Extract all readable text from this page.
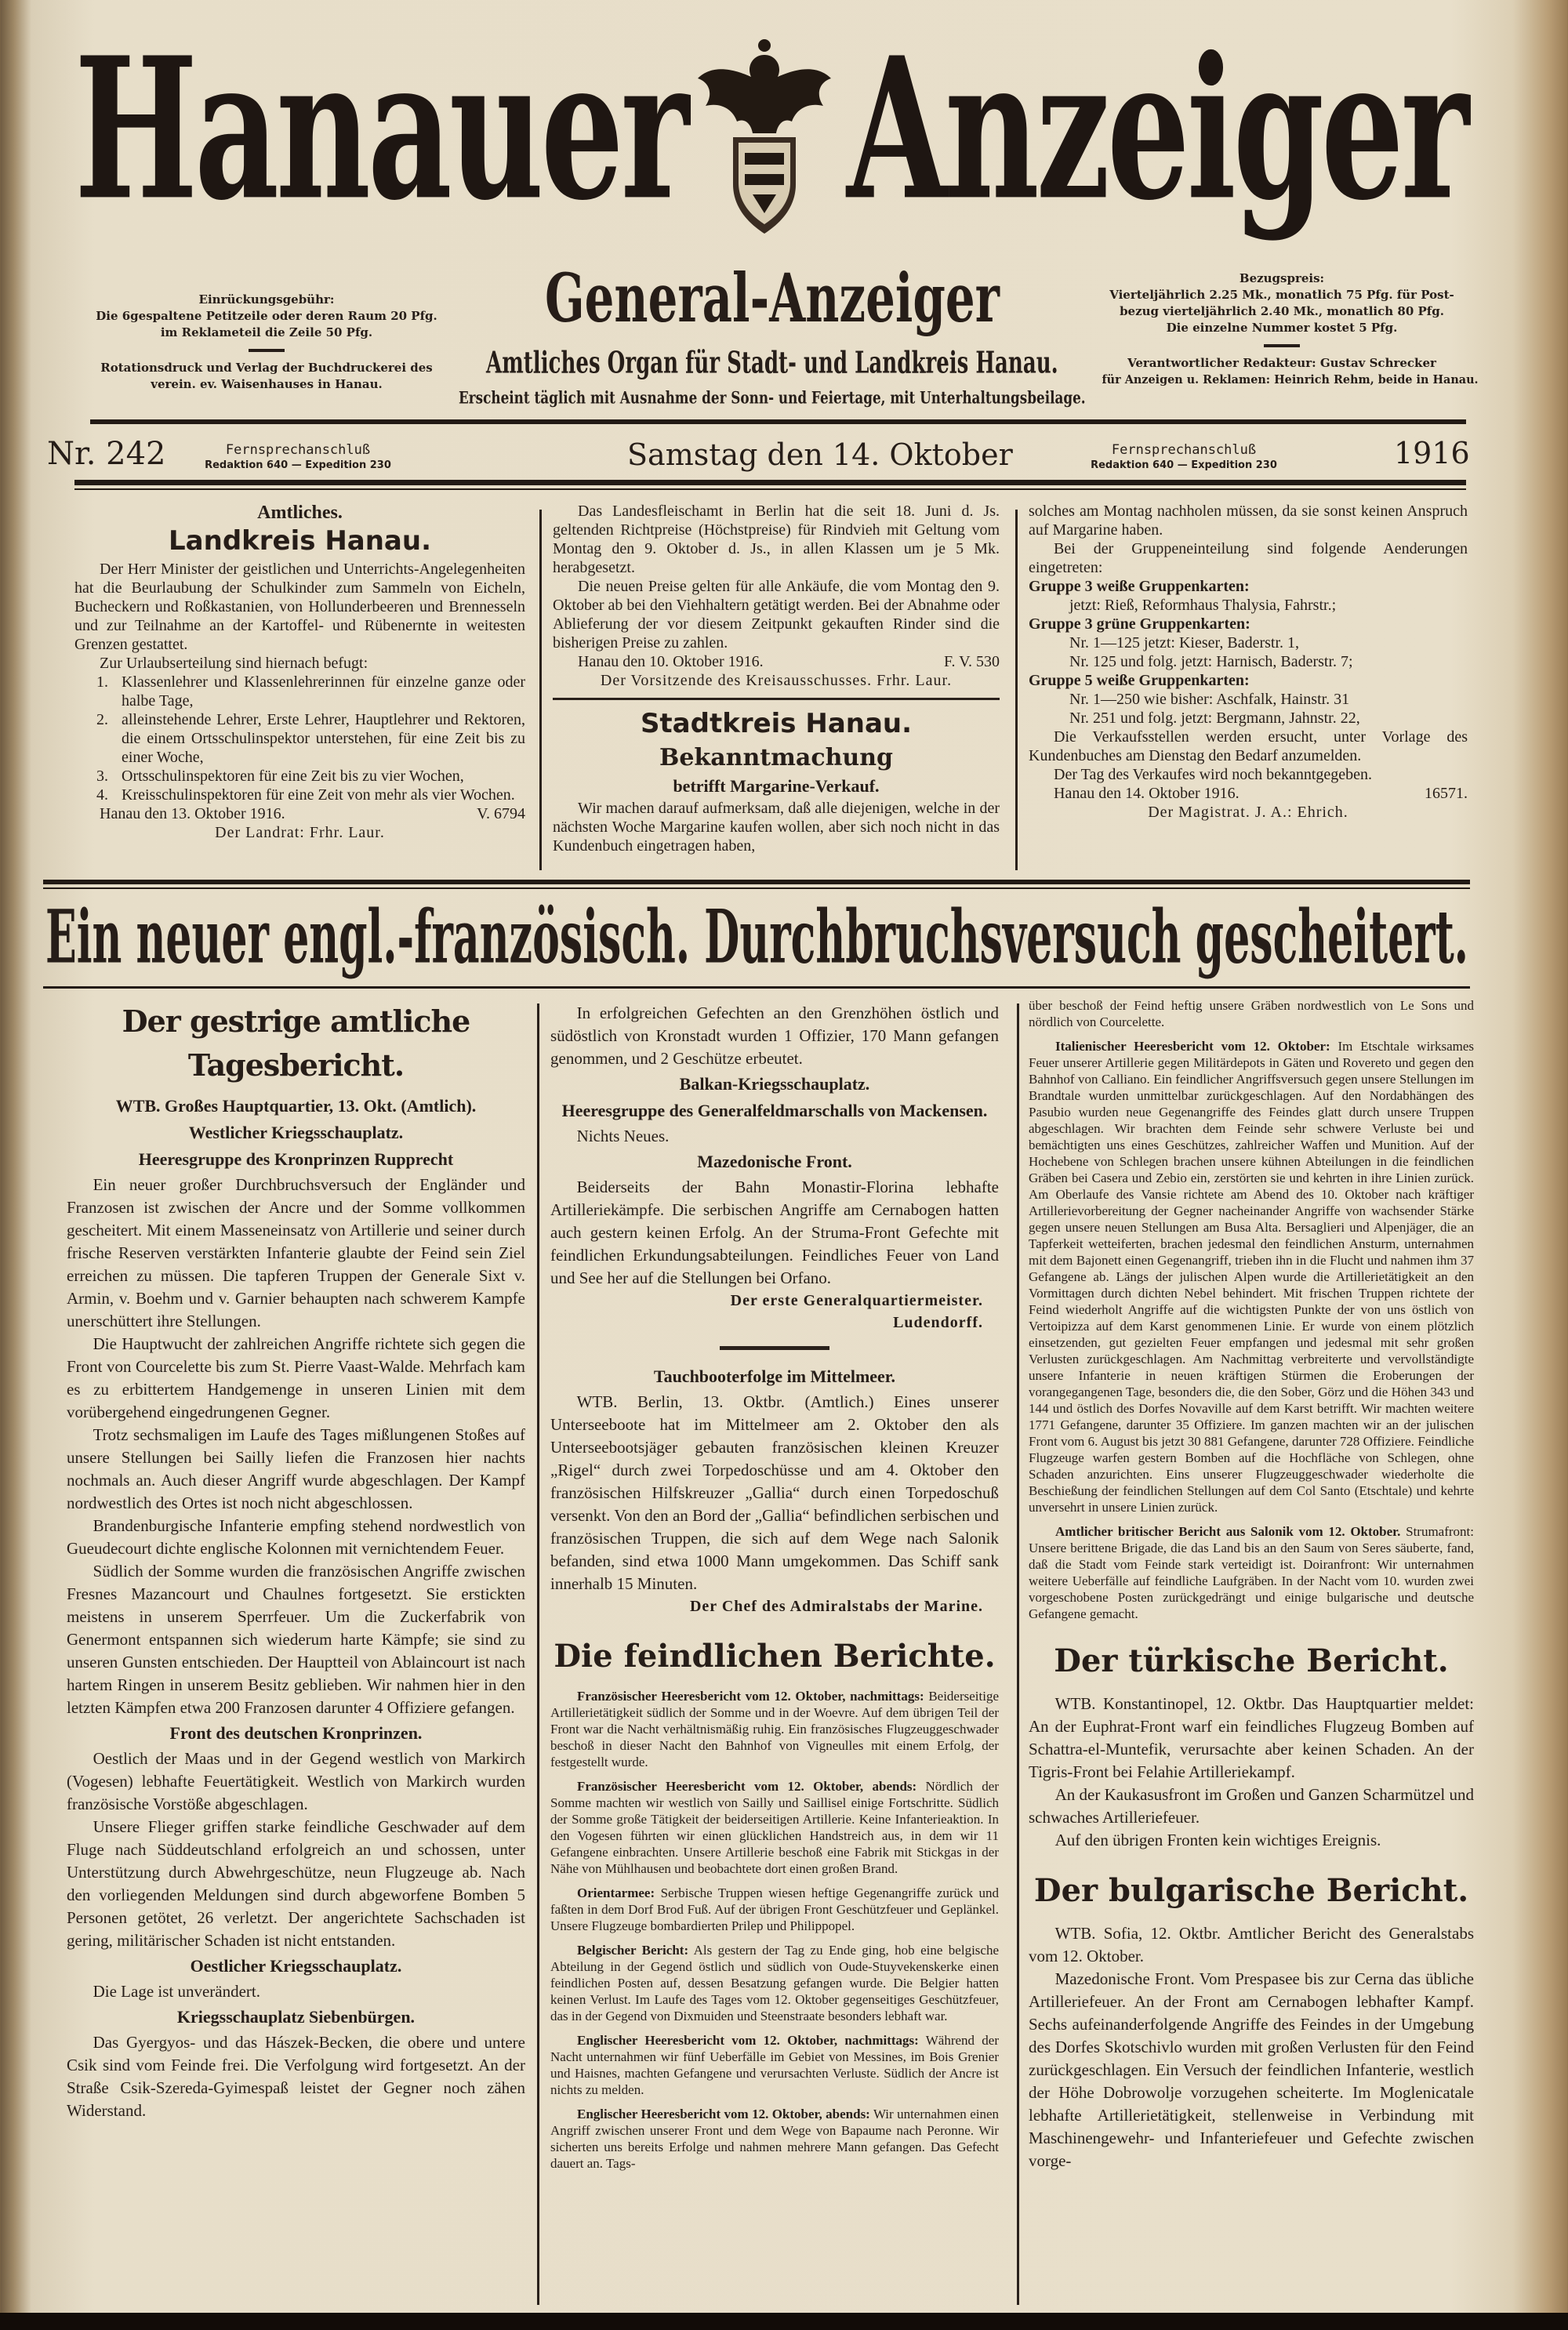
Hanauer Anzeiger
General-Anzeiger
Amtliches Organ für Stadt- und Landkreis Hanau.
Erscheint täglich mit Ausnahme der Sonn- und Feiertage, mit Unterhaltungsbeilage.
Einrückungsgebühr:
Die 6gespaltene Petitzeile oder deren Raum 20 Pfg.
im Reklameteil die Zeile 50 Pfg.
Rotationsdruck und Verlag der Buchdruckerei des
verein. ev. Waisenhauses in Hanau.
Bezugspreis:
Vierteljährlich 2.25 Mk., monatlich 75 Pfg. für Post-
bezug vierteljährlich 2.40 Mk., monatlich 80 Pfg.
Die einzelne Nummer kostet 5 Pfg.
Verantwortlicher Redakteur: Gustav Schrecker
für Anzeigen u. Reklamen: Heinrich Rehm, beide in Hanau.
Nr. 242	Fernsprechanschluß
Redaktion 640 — Expedition 230	Samstag den 14. Oktober	Fernsprechanschluß
Redaktion 640 — Expedition 230	1916
Amtliches.
Landkreis Hanau.

Der Herr Minister der geistlichen und Unterrichts-Angelegenheiten hat die Beurlaubung der Schulkinder zum Sammeln von Eicheln, Bucheckern und Roßkastanien, von Hollunderbeeren und Brennesseln und zur Teilnahme an der Kartoffel- und Rübenernte in weitesten Grenzen gestattet.

Zur Urlaubserteilung sind hiernach befugt:

1. Klassenlehrer und Klassenlehrerinnen für einzelne ganze oder halbe Tage,
2. alleinstehende Lehrer, Erste Lehrer, Hauptlehrer und Rektoren, die einem Ortsschulinspektor unterstehen, für eine Zeit bis zu einer Woche,
3. Ortsschulinspektoren für eine Zeit bis zu vier Wochen,
4. Kreisschulinspektoren für eine Zeit von mehr als vier Wochen.
Hanau den 13. Oktober 1916.	V. 6794
Der Landrat: Frhr. Laur.

Das Landesfleischamt in Berlin hat die seit 18. Juni d. Js. geltenden Richtpreise (Höchstpreise) für Rindvieh mit Geltung vom Montag den 9. Oktober d. Js., in allen Klassen um je 5 Mk. herabgesetzt.

Die neuen Preise gelten für alle Ankäufe, die vom Montag den 9. Oktober ab bei den Viehhaltern getätigt werden. Bei der Abnahme oder Ablieferung der vor diesem Zeitpunkt gekauften Rinder sind die bisherigen Preise zu zahlen.

Hanau den 10. Oktober 1916.	F. V. 530
Der Vorsitzende des Kreisausschusses. Frhr. Laur.
Stadtkreis Hanau.
Bekanntmachung
betrifft Margarine-Verkauf.

Wir machen darauf aufmerksam, daß alle diejenigen, welche in der nächsten Woche Margarine kaufen wollen, aber sich noch nicht in das Kundenbuch eingetragen haben,

solches am Montag nachholen müssen, da sie sonst keinen Anspruch auf Margarine haben.

Bei der Gruppeneinteilung sind folgende Aenderungen eingetreten:

Gruppe 3 weiße Gruppenkarten:
jetzt: Rieß, Reformhaus Thalysia, Fahrstr.;
Gruppe 3 grüne Gruppenkarten:
Nr. 1—125 jetzt: Kieser, Baderstr. 1,
Nr. 125 und folg. jetzt: Harnisch, Baderstr. 7;
Gruppe 5 weiße Gruppenkarten:
Nr. 1—250 wie bisher: Aschfalk, Hainstr. 31
Nr. 251 und folg. jetzt: Bergmann, Jahnstr. 22,

Die Verkaufsstellen werden ersucht, unter Vorlage des Kundenbuches am Dienstag den Bedarf anzumelden.

Der Tag des Verkaufes wird noch bekanntgegeben.

Hanau den 14. Oktober 1916.	16571.
Der Magistrat. J. A.: Ehrich.
Ein neuer engl.-französisch. Durchbruchsversuch gescheitert.
Der gestrige amtliche Tagesbericht.
WTB. Großes Hauptquartier, 13. Okt. (Amtlich).
Westlicher Kriegsschauplatz.
Heeresgruppe des Kronprinzen Rupprecht

Ein neuer großer Durchbruchsversuch der Engländer und Franzosen ist zwischen der Ancre und der Somme vollkommen gescheitert. Mit einem Masseneinsatz von Artillerie und seiner durch frische Reserven verstärkten Infanterie glaubte der Feind sein Ziel erreichen zu müssen. Die tapferen Truppen der Generale Sixt v. Armin, v. Boehm und v. Garnier behaupten nach schwerem Kampfe unerschüttert ihre Stellungen.

Die Hauptwucht der zahlreichen Angriffe richtete sich gegen die Front von Courcelette bis zum St. Pierre Vaast-Walde. Mehrfach kam es zu erbittertem Handgemenge in unseren Linien mit dem vorübergehend eingedrungenen Gegner.

Trotz sechsmaligen im Laufe des Tages mißlungenen Stoßes auf unsere Stellungen bei Sailly liefen die Franzosen hier nachts nochmals an. Auch dieser Angriff wurde abgeschlagen. Der Kampf nordwestlich des Ortes ist noch nicht abgeschlossen.

Brandenburgische Infanterie empfing stehend nordwestlich von Gueudecourt dichte englische Kolonnen mit vernichtendem Feuer.

Südlich der Somme wurden die französischen Angriffe zwischen Fresnes Mazancourt und Chaulnes fortgesetzt. Sie erstickten meistens in unserem Sperrfeuer. Um die Zuckerfabrik von Genermont entspannen sich wiederum harte Kämpfe; sie sind zu unseren Gunsten entschieden. Der Hauptteil von Ablaincourt ist nach hartem Ringen in unserem Besitz geblieben. Wir nahmen hier in den letzten Kämpfen etwa 200 Franzosen darunter 4 Offiziere gefangen.

Front des deutschen Kronprinzen.

Oestlich der Maas und in der Gegend westlich von Markirch (Vogesen) lebhafte Feuertätigkeit. Westlich von Markirch wurden französische Vorstöße abgeschlagen.

Unsere Flieger griffen starke feindliche Geschwader auf dem Fluge nach Süddeutschland erfolgreich an und schossen, unter Unterstützung durch Abwehrgeschütze, neun Flugzeuge ab. Nach den vorliegenden Meldungen sind durch abgeworfene Bomben 5 Personen getötet, 26 verletzt. Der angerichtete Sachschaden ist gering, militärischer Schaden ist nicht entstanden.

Oestlicher Kriegsschauplatz.

Die Lage ist unverändert.

Kriegsschauplatz Siebenbürgen.

Das Gyergyos- und das Hászek-Becken, die obere und untere Csik sind vom Feinde frei. Die Verfolgung wird fortgesetzt. An der Straße Csik-Szereda-Gyimespaß leistet der Gegner noch zähen Widerstand.

In erfolgreichen Gefechten an den Grenzhöhen östlich und südöstlich von Kronstadt wurden 1 Offizier, 170 Mann gefangen genommen, und 2 Geschütze erbeutet.

Balkan-Kriegsschauplatz.
Heeresgruppe des Generalfeldmarschalls von Mackensen.

Nichts Neues.

Mazedonische Front.

Beiderseits der Bahn Monastir-Florina lebhafte Artilleriekämpfe. Die serbischen Angriffe am Cernabogen hatten auch gestern keinen Erfolg. An der Struma-Front Gefechte mit feindlichen Erkundungsabteilungen. Feindliches Feuer von Land und See her auf die Stellungen bei Orfano.

Der erste Generalquartiermeister.
Ludendorff.
Tauchbooterfolge im Mittelmeer.

WTB. Berlin, 13. Oktbr. (Amtlich.) Eines unserer Unterseeboote hat im Mittelmeer am 2. Oktober den als Unterseebootsjäger gebauten französischen kleinen Kreuzer „Rigel“ durch zwei Torpedoschüsse und am 4. Oktober den französischen Hilfskreuzer „Gallia“ durch einen Torpedoschuß versenkt. Von den an Bord der „Gallia“ befindlichen serbischen und französischen Truppen, die sich auf dem Wege nach Salonik befanden, sind etwa 1000 Mann umgekommen. Das Schiff sank innerhalb 15 Minuten.

Der Chef des Admiralstabs der Marine.
Die feindlichen Berichte.

Französischer Heeresbericht vom 12. Oktober, nachmittags: Beiderseitige Artillerietätigkeit südlich der Somme und in der Woevre. Auf dem übrigen Teil der Front war die Nacht verhältnismäßig ruhig. Ein französisches Flugzeuggeschwader beschoß in dieser Nacht den Bahnhof von Vigneulles mit einem Erfolg, der festgestellt wurde.

Französischer Heeresbericht vom 12. Oktober, abends: Nördlich der Somme machten wir westlich von Sailly und Saillisel einige Fortschritte. Südlich der Somme große Tätigkeit der beiderseitigen Artillerie. Keine Infanterieaktion. In den Vogesen führten wir einen glücklichen Handstreich aus, in dem wir 11 Gefangene einbrachten. Unsere Artillerie beschoß eine Fabrik mit Stickgas in der Nähe von Mühlhausen und beobachtete dort einen großen Brand.

Orientarmee: Serbische Truppen wiesen heftige Gegenangriffe zurück und faßten in dem Dorf Brod Fuß. Auf der übrigen Front Geschützfeuer und Geplänkel. Unsere Flugzeuge bombardierten Prilep und Philippopel.

Belgischer Bericht: Als gestern der Tag zu Ende ging, hob eine belgische Abteilung in der Gegend östlich und südlich von Oude-Stuyvekenskerke einen feindlichen Posten auf, dessen Besatzung gefangen wurde. Die Belgier hatten keinen Verlust. Im Laufe des Tages vom 12. Oktober gegenseitiges Geschützfeuer, das in der Gegend von Dixmuiden und Steenstraate besonders lebhaft war.

Englischer Heeresbericht vom 12. Oktober, nachmittags: Während der Nacht unternahmen wir fünf Ueberfälle im Gebiet von Messines, im Bois Grenier und Haisnes, machten Gefangene und verursachten Verluste. Südlich der Ancre ist nichts zu melden.

Englischer Heeresbericht vom 12. Oktober, abends: Wir unternahmen einen Angriff zwischen unserer Front und dem Wege von Bapaume nach Peronne. Wir sicherten uns bereits Erfolge und nahmen mehrere Mann gefangen. Das Gefecht dauert an. Tags-

über beschoß der Feind heftig unsere Gräben nordwestlich von Le Sons und nördlich von Courcelette.

Italienischer Heeresbericht vom 12. Oktober: Im Etschtale wirksames Feuer unserer Artillerie gegen Militärdepots in Gäten und Rovereto und gegen den Bahnhof von Calliano. Ein feindlicher Angriffsversuch gegen unsere Stellungen im Brandtale wurden unmittelbar zurückgeschlagen. Auf den Nordabhängen des Pasubio wurden neue Gegenangriffe des Feindes glatt durch unsere Truppen abgeschlagen. Wir brachten dem Feinde sehr schwere Verluste bei und bemächtigten uns eines Geschützes, zahlreicher Waffen und Munition. Auf der Hochebene von Schlegen brachen unsere kühnen Abteilungen in die feindlichen Gräben bei Casera und Zebio ein, zerstörten sie und kehrten in ihre Linien zurück. Am Oberlaufe des Vansie richtete am Abend des 10. Oktober nach kräftiger Artillerievorbereitung der Gegner nacheinander Angriffe von wachsender Stärke gegen unsere neuen Stellungen am Busa Alta. Bersaglieri und Alpenjäger, die an Tapferkeit wetteiferten, brachen jedesmal den feindlichen Ansturm, unternahmen mit dem Bajonett einen Gegenangriff, trieben ihn in die Flucht und nahmen ihm 37 Gefangene ab. Längs der julischen Alpen wurde die Artillerietätigkeit an den Vormittagen durch dichten Nebel behindert. Mit frischen Truppen richtete der Feind wiederholt Angriffe auf die wichtigsten Punkte der von uns östlich von Vertoipizza auf dem Karst genommenen Linie. Er wurde von einem plötzlich einsetzenden, gut gezielten Feuer empfangen und jedesmal mit sehr großen Verlusten zurückgeschlagen. Am Nachmittag verbreiterte und vervollständigte unsere Infanterie in neuen kräftigen Stürmen die Eroberungen der vorangegangenen Tage, besonders die, die den Sober, Görz und die Höhen 343 und 144 und östlich des Dorfes Novaville auf dem Karst betrifft. Wir machten weitere 1771 Gefangene, darunter 35 Offiziere. Im ganzen machten wir an der julischen Front vom 6. August bis jetzt 30 881 Gefangene, darunter 728 Offiziere. Feindliche Flugzeuge warfen gestern Bomben auf die Hochfläche von Schlegen, ohne Schaden anzurichten. Eins unserer Flugzeuggeschwader wiederholte die Beschießung der feindlichen Stellungen auf dem Col Santo (Etschtale) und kehrte unversehrt in unsere Linien zurück.

Amtlicher britischer Bericht aus Salonik vom 12. Oktober. Strumafront: Unsere berittene Brigade, die das Land bis an den Saum von Seres säuberte, fand, daß die Stadt vom Feinde stark verteidigt ist. Doiranfront: Wir unternahmen weitere Ueberfälle auf feindliche Laufgräben. In der Nacht vom 10. wurden zwei vorgeschobene Posten zurückgedrängt und einige bulgarische und deutsche Gefangene gemacht.

Der türkische Bericht.

WTB. Konstantinopel, 12. Oktbr. Das Hauptquartier meldet: An der Euphrat-Front warf ein feindliches Flugzeug Bomben auf Schattra-el-Muntefik, verursachte aber keinen Schaden. An der Tigris-Front bei Felahie Artilleriekampf.

An der Kaukasusfront im Großen und Ganzen Scharmützel und schwaches Artilleriefeuer.

Auf den übrigen Fronten kein wichtiges Ereignis.

Der bulgarische Bericht.

WTB. Sofia, 12. Oktbr. Amtlicher Bericht des Generalstabs vom 12. Oktober.

Mazedonische Front. Vom Prespasee bis zur Cerna das übliche Artilleriefeuer. An der Front am Cernabogen lebhafter Kampf. Sechs aufeinanderfolgende Angriffe des Feindes in der Umgebung des Dorfes Skotschivlo wurden mit großen Verlusten für den Feind zurückgeschlagen. Ein Versuch der feindlichen Infanterie, westlich der Höhe Dobrowolje vorzugehen scheiterte. Im Moglenicatale lebhafte Artillerietätigkeit, stellenweise in Verbindung mit Maschinengewehr- und Infanteriefeuer und Gefechte zwischen vorge-
